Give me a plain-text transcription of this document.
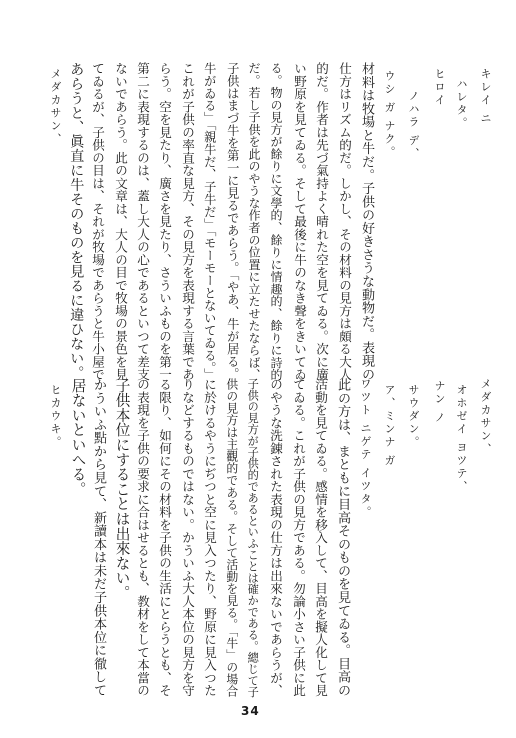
キレイ ニ
ハレタ。
ヒロイ
ノハラ デ、
ウシ ガ ナク。
材料は牧場と牛だ。子供の好きさうな動物だ。表現の
仕方はリズム的だ。しかし、その材料の見方は頗る大人
的だ。作者は先づ氣持よく晴れた空を見てゐる。次に廣
い野原を見てゐる。そして最後に牛のなき聲をきいてゐ
る。物の見方が餘りに文學的、餘りに情趣的、餘りに詩的
だ。若し子供を此のやうな作者の位置に立たせたならば、
子供はまづ牛を第一に見るであらう。「やあ、牛が居る。
牛がゐる」「親牛だ、子牛だ」「モーモーとないてゐる。」
これが子供の率直な見方、その見方を表現する言葉であ
らう。空を見たり、廣さを見たり、さういふものを第一
第二に表現するのは、蓋し大人の心であるといつて差支
ないであらう。此の文章は、大人の目で牧場の景色を見
てゐるが、子供の目は、それが牧場であらうと牛小屋で
あらうと、眞直に牛そのものを見るに違ひない。
メダカサン、
メダカサン、
オホゼイ ヨツテ、
ナン ノ
サウダン。
ア、ミンナ ガ
ワツト ニゲテ イツタ。
此の方は、まともに目高そのものを見てゐる。目高の
活動を見てゐる。感情を移入して、目高を擬人化して見
てゐる。これが子供の見方である。勿論小さい子供に此
のやうな洗錬された表現の仕方は出來ないであらうが、
子供の見方が子供的であるといふことは確かである。總じて子
供の見方は主觀的である。そして活動を見る。「牛」の場合
に於けるやうにぢつと空に見入つたり、野原に見入つた
りなどするものではない。かういふ大人本位の見方を守
る限り、如何にその材料を子供の生活にとらうとも、そ
の表現を子供の要求に合はせるとも、教材をして本當の
子供本位にすることは出來ない。
かういふ點から見て、新讀本は未だ子供本位に徹して
居ないといへる。
ヒカウキ。
34
